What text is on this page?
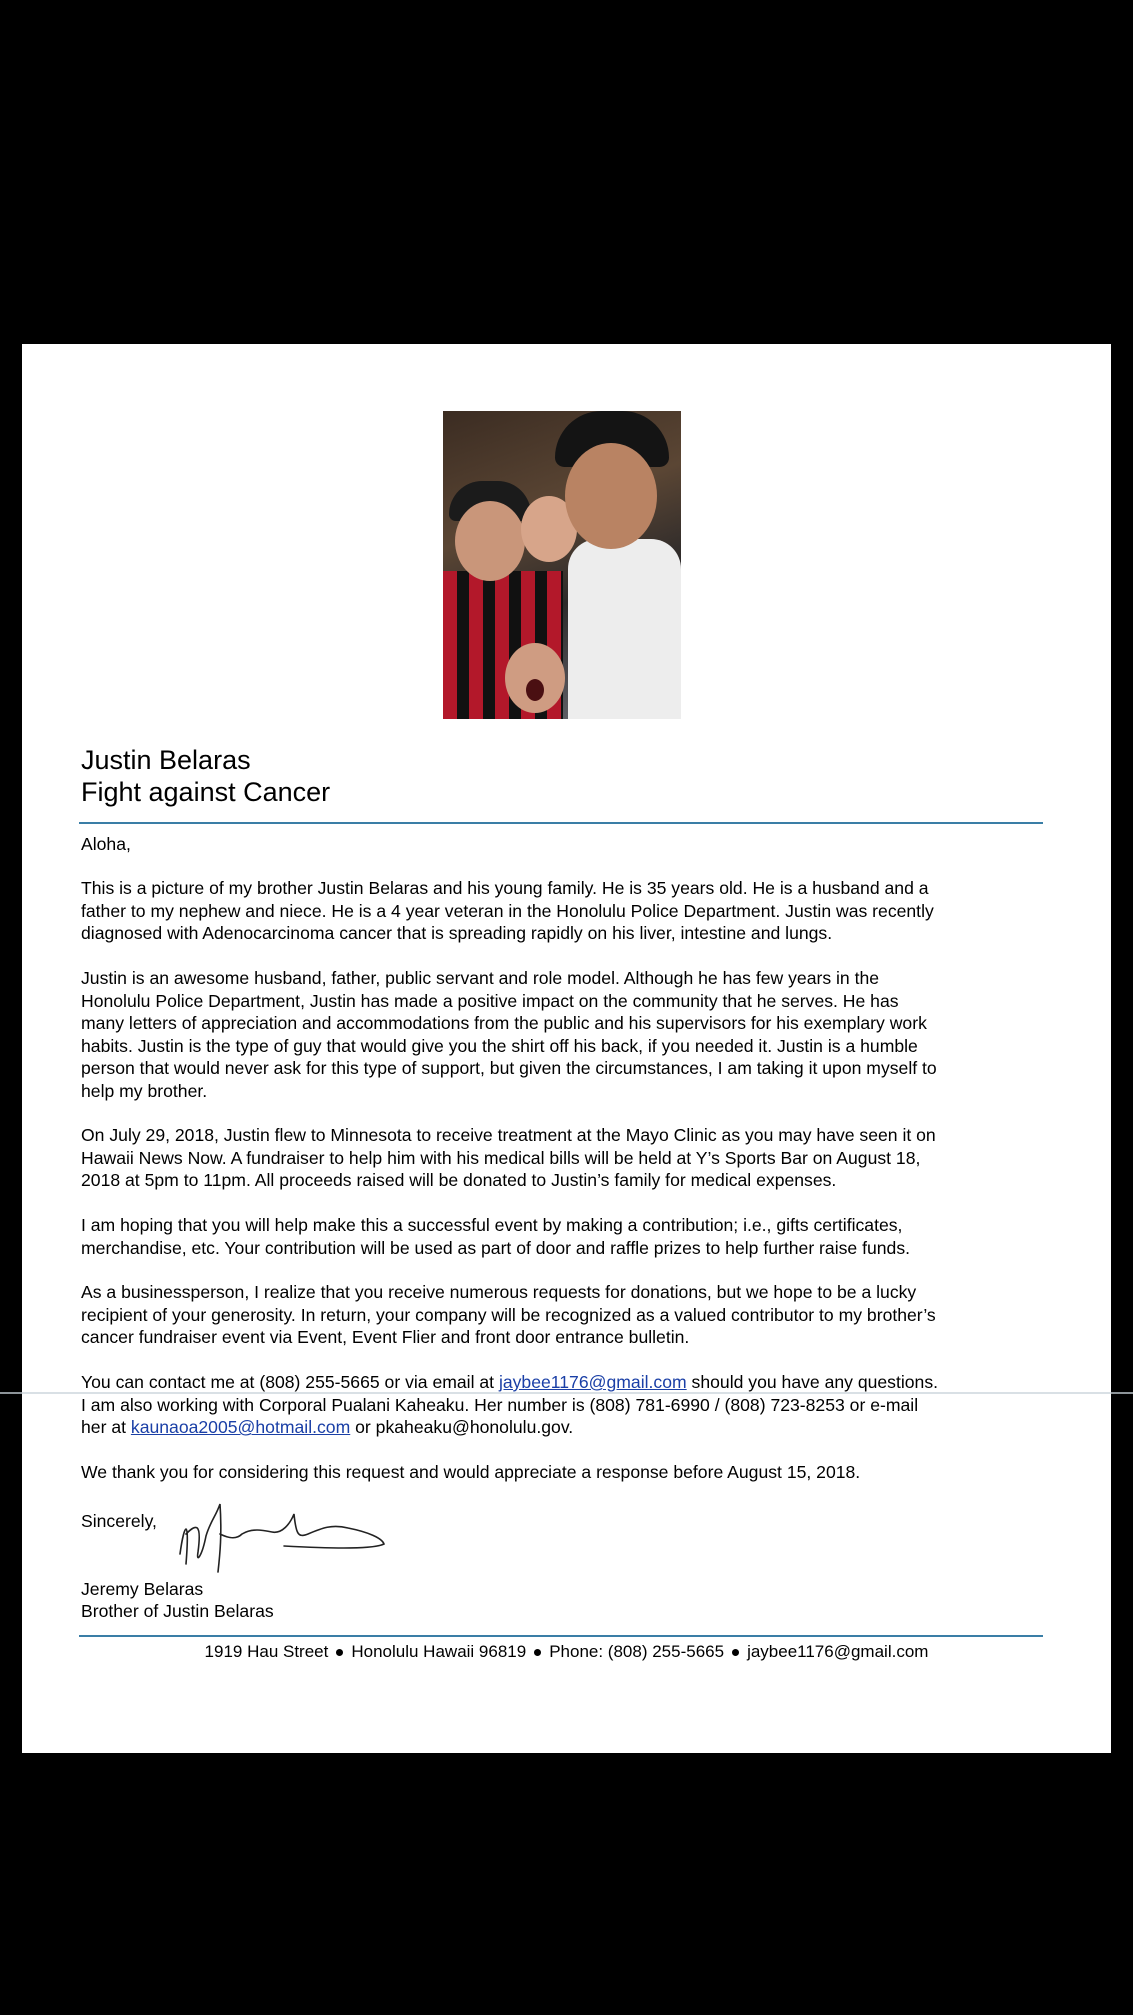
Justin Belaras
Fight against Cancer

Aloha,

This is a picture of my brother Justin Belaras and his young family. He is 35 years old. He is a husband and a
father to my nephew and niece. He is a 4 year veteran in the Honolulu Police Department. Justin was recently
diagnosed with Adenocarcinoma cancer that is spreading rapidly on his liver, intestine and lungs.

Justin is an awesome husband, father, public servant and role model. Although he has few years in the
Honolulu Police Department, Justin has made a positive impact on the community that he serves. He has
many letters of appreciation and accommodations from the public and his supervisors for his exemplary work
habits. Justin is the type of guy that would give you the shirt off his back, if you needed it. Justin is a humble
person that would never ask for this type of support, but given the circumstances, I am taking it upon myself to
help my brother.

On July 29, 2018, Justin flew to Minnesota to receive treatment at the Mayo Clinic as you may have seen it on
Hawaii News Now. A fundraiser to help him with his medical bills will be held at Y’s Sports Bar on August 18,
2018 at 5pm to 11pm. All proceeds raised will be donated to Justin’s family for medical expenses.

I am hoping that you will help make this a successful event by making a contribution; i.e., gifts certificates,
merchandise, etc. Your contribution will be used as part of door and raffle prizes to help further raise funds.

As a businessperson, I realize that you receive numerous requests for donations, but we hope to be a lucky
recipient of your generosity. In return, your company will be recognized as a valued contributor to my brother’s
cancer fundraiser event via Event, Event Flier and front door entrance bulletin.

You can contact me at (808) 255-5665 or via email at jaybee1176@gmail.com should you have any questions.
I am also working with Corporal Pualani Kaheaku. Her number is (808) 781-6990 / (808) 723-8253 or e-mail
her at kaunaoa2005@hotmail.com or pkaheaku@honolulu.gov.

We thank you for considering this request and would appreciate a response before August 15, 2018.

Sincerely,

Jeremy Belaras
Brother of Justin Belaras

1919 Hau Street Honolulu Hawaii 96819 Phone: (808) 255-5665 jaybee1176@gmail.com
